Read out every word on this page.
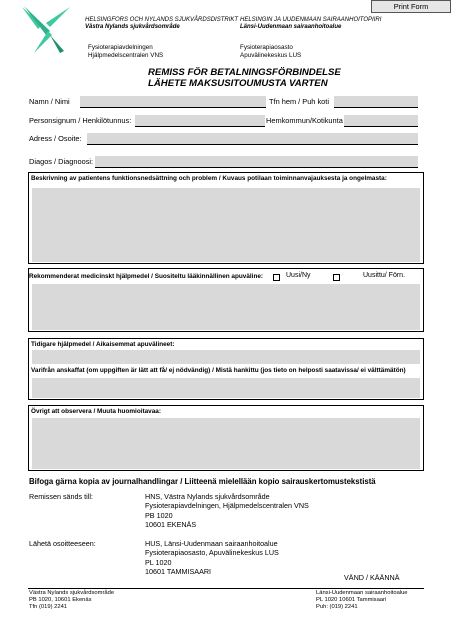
Print Form
HELSINGFORS OCH NYLANDS SJUKVÅRDSDISTRIKT
Västra Nylands sjukvårdsområde
HELSINGIN JA UUDENMAAN SAIRAANHOITOPIIRI
Länsi-Uudenmaan sairaanhoitoalue
Fysioterapiavdelningen
Hjälpmedelscentralen VNS
Fysioterapiaosasto
Apuvälinekeskus LUS
REMISS FÖR BETALNINGSFÖRBINDELSE
LÄHETE MAKSUSITOUMUSTA VARTEN
Namn / Nimi	Tfn hem / Puh koti
Personsignum / Henkilötunnus:	Hemkommun/Kotikunta
Adress / Osoite:
Diagos / Diagnoosi:
Beskrivning av patientens funktionsnedsättning och problem / Kuvaus potilaan toiminnanvajauksesta ja ongelmasta:
Rekommenderat medicinskt hjälpmedel / Suositeltu lääkinnällinen apuväline:	Uusi/Ny	Uusittu/ Förn.
Tidigare hjälpmedel / Aikaisemmat apuvälineet:
Varifrån anskaffat (om uppgiften är lätt att få/ ej nödvändig) / Mistä hankittu (jos tieto on helposti saatavissa/ ei välttämätön)
Övrigt att observera / Muuta huomioitavaa:
Bifoga gärna kopia av journalhandlingar / Liitteenä mielellään kopio sairauskertomustekstistä
Remissen sänds till:	HNS, Västra Nylands sjukvårdsområde
Fysioterapiavdelningen, Hjälpmedelscentralen VNS
PB 1020
10601 EKENÄS
Lähetä osoitteeseen:	HUS, Länsi-Uudenmaan sairaanhoitoalue
Fysioterapiaosasto, Apuvälinekeskus LUS
PL 1020
10601 TAMMISAARI
VÄND / KÄÄNNÄ
Västra Nylands sjukvårdsområde
PB 1020, 10601 Ekenäs
Tfn (019) 2241
Länsi-Uudenmaan sairaanhoitoalue
PL 1020 10601 Tammisaari
Puh: (019) 2241
